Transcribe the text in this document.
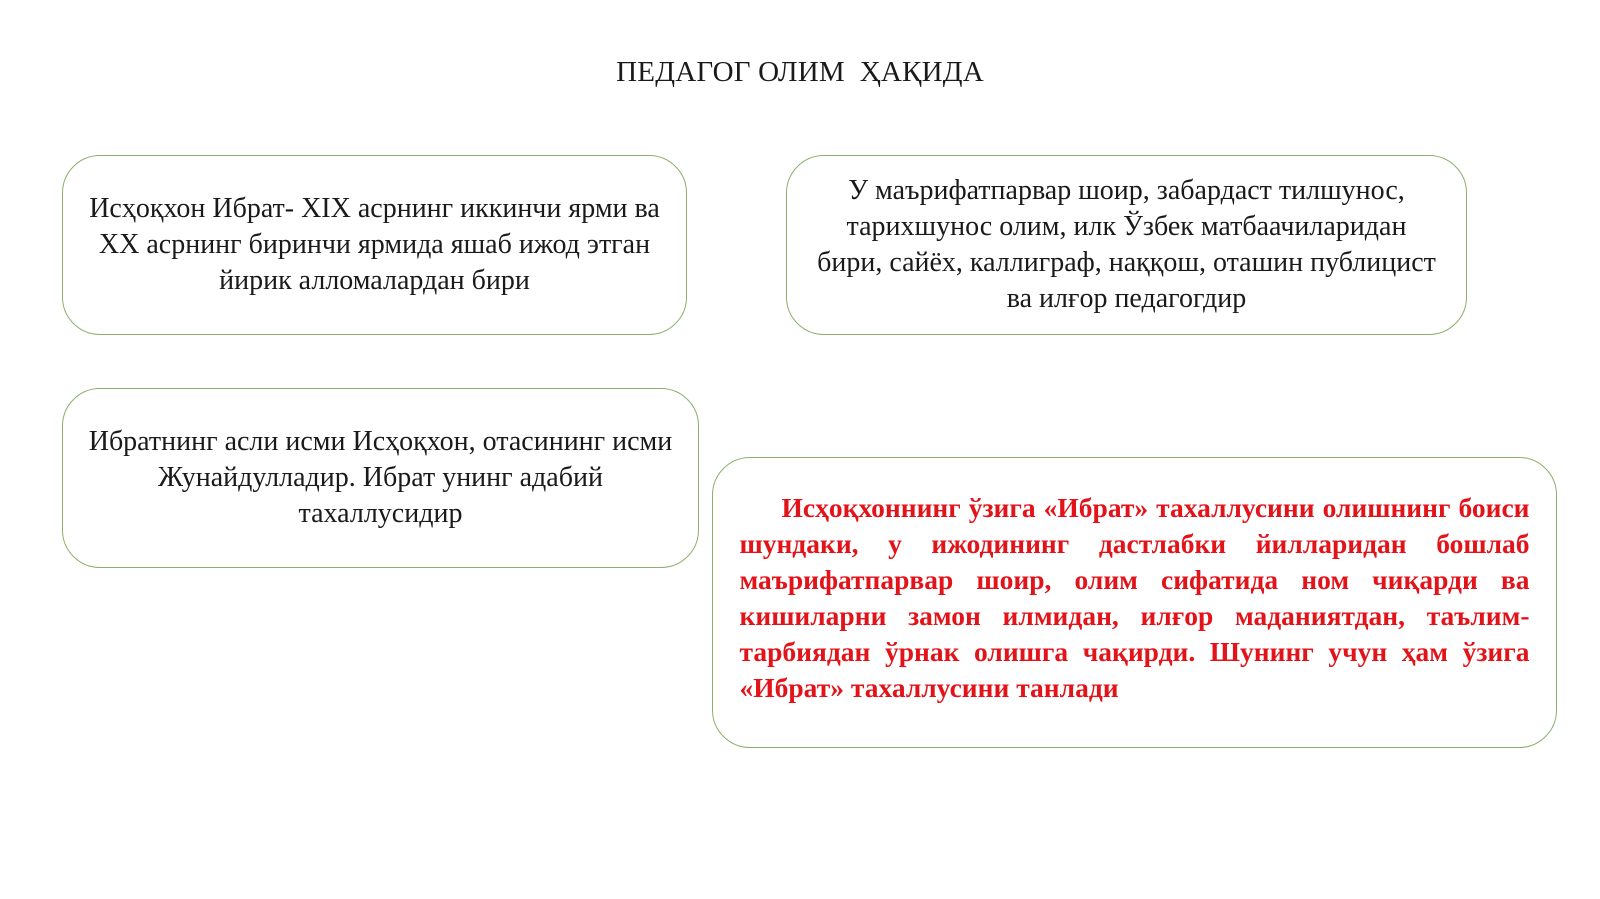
ПЕДАГОГ ОЛИМ  ҲАҚИДА
Исҳоқхон Ибрат- XIX асрнинг иккинчи ярми ва XX асрнинг биринчи ярмида яшаб ижод этган йирик алломалардан бири
У маърифатпарвар шоир, забардаст тилшунос, тарихшунос олим, илк Ўзбек матбаачиларидан бири, сайёх, каллиграф, наққош, оташин публицист ва илғор педагогдир
Ибратнинг асли исми Исҳоқхон, отасининг исми Жунайдулладир. Ибрат унинг адабий тахаллусидир	Исҳоқхоннинг ўзига «Ибрат» тахаллусини олишнинг боиси шундаки, у ижодининг дастлабки йилларидан бошлаб маърифатпарвар шоир, олим сифатида ном чиқарди ва кишиларни замон илмидан, илғор маданиятдан, таълим-тарбиядан ўрнак олишга чақирди. Шунинг учун ҳам ўзига «Ибрат» тахаллусини танлади
